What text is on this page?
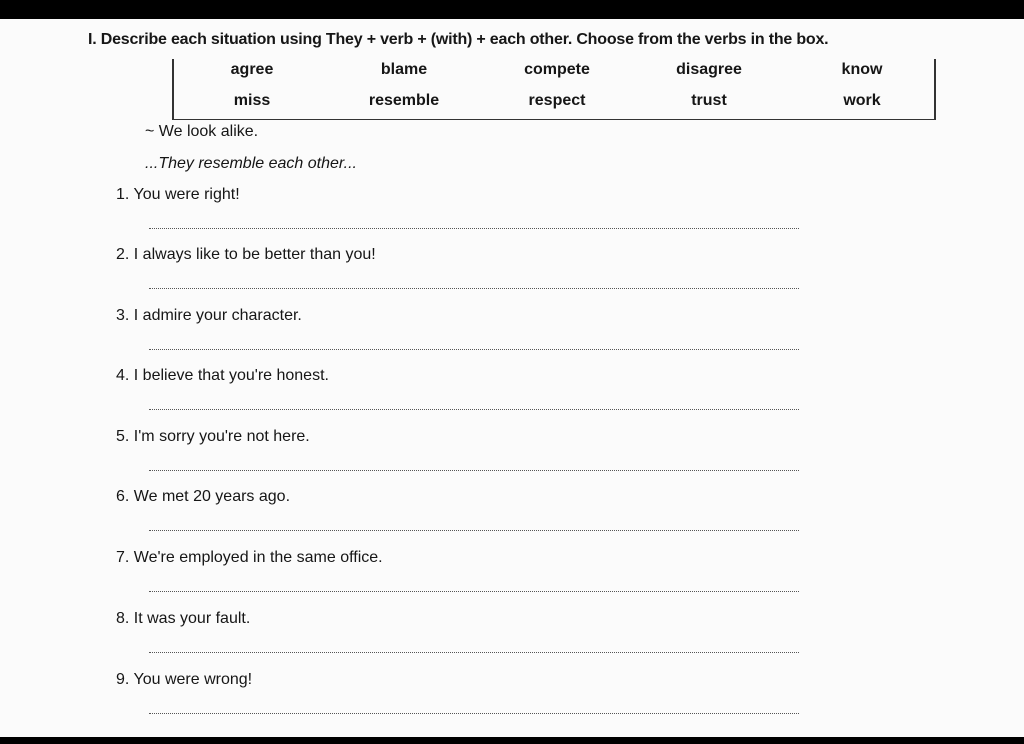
I. Describe each situation using They + verb + (with) + each other. Choose from the verbs in the box.
agree	blame	compete	disagree	know
miss	resemble	respect	trust	work
~ We look alike.
...They resemble each other...
1. You were right!
2. I always like to be better than you!
3. I admire your character.
4. I believe that you're honest.
5. I'm sorry you're not here.
6. We met 20 years ago.
7. We're employed in the same office.
8. It was your fault.
9. You were wrong!
